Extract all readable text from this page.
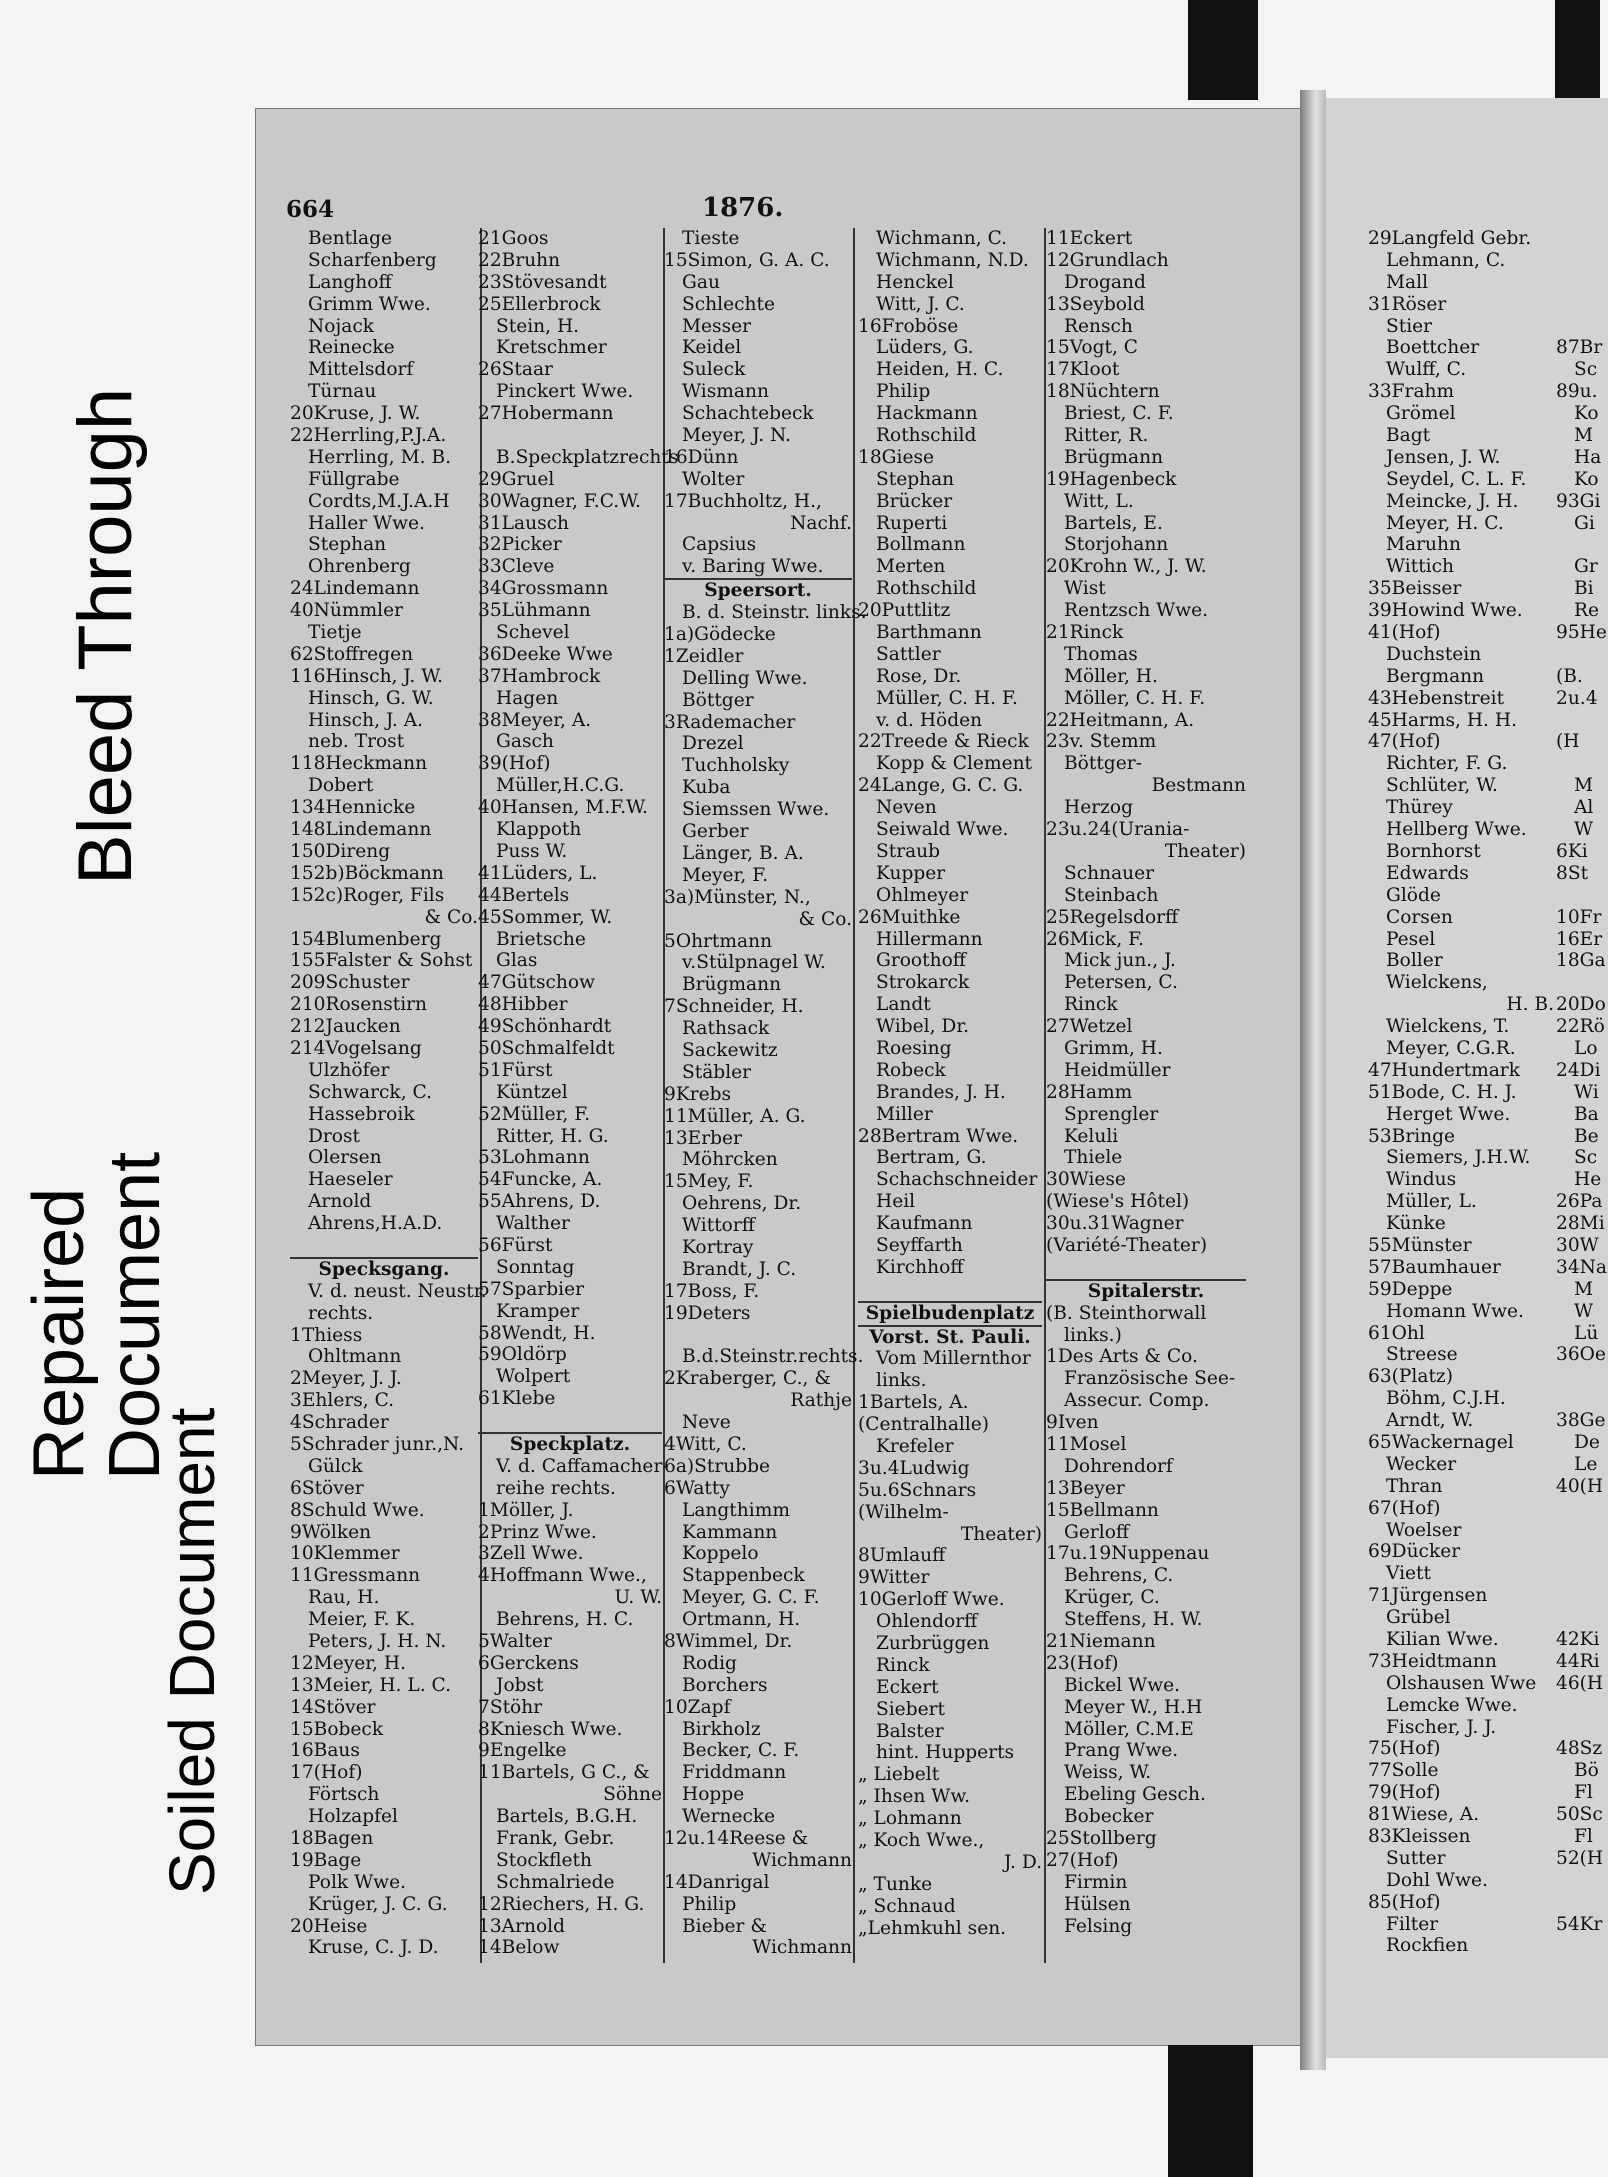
Bleed Through
Repaired
Document
Soiled Document
664	1876.
Bentlage
Scharfenberg
Langhoff
Grimm Wwe.
Nojack
Reinecke
Mittelsdorf
Türnau
20Kruse, J. W.
22Herrling,P.J.A.
Herrling, M. B.
Füllgrabe
Cordts,M.J.A.H
Haller Wwe.
Stephan
Ohrenberg
24Lindemann
40Nümmler
Tietje
62Stoffregen
116Hinsch, J. W.
Hinsch, G. W.
Hinsch, J. A.
neb. Trost
118Heckmann
Dobert
134Hennicke
148Lindemann
150Direng
152b)Böckmann
152c)Roger, Fils
& Co.
154Blumenberg
155Falster & Sohst
209Schuster
210Rosenstirn
212Jaucken
214Vogelsang
Ulzhöfer
Schwarck, C.
Hassebroik
Drost
Olersen
Haeseler
Arnold
Ahrens,H.A.D.
Specksgang.
V. d. neust. Neustr.
rechts.
1Thiess
Ohltmann
2Meyer, J. J.
3Ehlers, C.
4Schrader
5Schrader junr.,N.
Gülck
6Stöver
8Schuld Wwe.
9Wölken
10Klemmer
11Gressmann
Rau, H.
Meier, F. K.
Peters, J. H. N.
12Meyer, H.
13Meier, H. L. C.
14Stöver
15Bobeck
16Baus
17(Hof)
Förtsch
Holzapfel
18Bagen
19Bage
Polk Wwe.
Krüger, J. C. G.
20Heise
Kruse, C. J. D.
21Goos
22Bruhn
23Stövesandt
25Ellerbrock
Stein, H.
Kretschmer
26Staar
Pinckert Wwe.
27Hobermann
B.Speckplatzrechts
29Gruel
30Wagner, F.C.W.
31Lausch
32Picker
33Cleve
34Grossmann
35Lühmann
Schevel
36Deeke Wwe
37Hambrock
Hagen
38Meyer, A.
Gasch
39(Hof)
Müller,H.C.G.
40Hansen, M.F.W.
Klappoth
Puss W.
41Lüders, L.
44Bertels
45Sommer, W.
Brietsche
Glas
47Gütschow
48Hibber
49Schönhardt
50Schmalfeldt
51Fürst
Küntzel
52Müller, F.
Ritter, H. G.
53Lohmann
54Funcke, A.
55Ahrens, D.
Walther
56Fürst
Sonntag
57Sparbier
Kramper
58Wendt, H.
59Oldörp
Wolpert
61Klebe
Speckplatz.
V. d. Caffamacher-
reihe rechts.
1Möller, J.
2Prinz Wwe.
3Zell Wwe.
4Hoffmann Wwe.,
U. W.
Behrens, H. C.
5Walter
6Gerckens
Jobst
7Stöhr
8Kniesch Wwe.
9Engelke
11Bartels, G C., &
Söhne
Bartels, B.G.H.
Frank, Gebr.
Stockfleth
Schmalriede
12Riechers, H. G.
13Arnold
14Below
Tieste
15Simon, G. A. C.
Gau
Schlechte
Messer
Keidel
Suleck
Wismann
Schachtebeck
Meyer, J. N.
16Dünn
Wolter
17Buchholtz, H.,
Nachf.
Capsius
v. Baring Wwe.
Speersort.
B. d. Steinstr. links.
1a)Gödecke
1Zeidler
Delling Wwe.
Böttger
3Rademacher
Drezel
Tuchholsky
Kuba
Siemssen Wwe.
Gerber
Länger, B. A.
Meyer, F.
3a)Münster, N.,
& Co.
5Ohrtmann
v.Stülpnagel W.
Brügmann
7Schneider, H.
Rathsack
Sackewitz
Stäbler
9Krebs
11Müller, A. G.
13Erber
Möhrcken
15Mey, F.
Oehrens, Dr.
Wittorff
Kortray
Brandt, J. C.
17Boss, F.
19Deters
B.d.Steinstr.rechts.
2Kraberger, C., &
Rathje
Neve
4Witt, C.
6a)Strubbe
6Watty
Langthimm
Kammann
Koppelo
Stappenbeck
Meyer, G. C. F.
Ortmann, H.
8Wimmel, Dr.
Rodig
Borchers
10Zapf
Birkholz
Becker, C. F.
Friddmann
Hoppe
Wernecke
12u.14Reese &
Wichmann
14Danrigal
Philip
Bieber &
Wichmann
Wichmann, C.
Wichmann, N.D.
Henckel
Witt, J. C.
16Froböse
Lüders, G.
Heiden, H. C.
Philip
Hackmann
Rothschild
18Giese
Stephan
Brücker
Ruperti
Bollmann
Merten
Rothschild
20Puttlitz
Barthmann
Sattler
Rose, Dr.
Müller, C. H. F.
v. d. Höden
22Treede & Rieck
Kopp & Clement
24Lange, G. C. G.
Neven
Seiwald Wwe.
Straub
Kupper
Ohlmeyer
26Muithke
Hillermann
Groothoff
Strokarck
Landt
Wibel, Dr.
Roesing
Robeck
Brandes, J. H.
Miller
28Bertram Wwe.
Bertram, G.
Schachschneider
Heil
Kaufmann
Seyffarth
Kirchhoff
Spielbudenplatz
Vorst. St. Pauli.
Vom Millernthor
links.
1Bartels, A.
(Centralhalle)
Krefeler
3u.4Ludwig
5u.6Schnars
(Wilhelm-
Theater)
8Umlauff
9Witter
10Gerloff Wwe.
Ohlendorff
Zurbrüggen
Rinck
Eckert
Siebert
Balster
hint. Hupperts
„ Liebelt
„ Ihsen Ww.
„ Lohmann
„ Koch Wwe.,
J. D.
„ Tunke
„ Schnaud
„Lehmkuhl sen.
11Eckert
12Grundlach
Drogand
13Seybold
Rensch
15Vogt, C
17Kloot
18Nüchtern
Briest, C. F.
Ritter, R.
Brügmann
19Hagenbeck
Witt, L.
Bartels, E.
Storjohann
20Krohn W., J. W.
Wist
Rentzsch Wwe.
21Rinck
Thomas
Möller, H.
Möller, C. H. F.
22Heitmann, A.
23v. Stemm
Böttger-
Bestmann
Herzog
23u.24(Urania-
Theater)
Schnauer
Steinbach
25Regelsdorff
26Mick, F.
Mick jun., J.
Petersen, C.
Rinck
27Wetzel
Grimm, H.
Heidmüller
28Hamm
Sprengler
Keluli
Thiele
30Wiese
(Wiese's Hôtel)
30u.31Wagner
(Variété-Theater)
Spitalerstr.
(B. Steinthorwall
links.)
1Des Arts & Co.
Französische See-
Assecur. Comp.
9Iven
11Mosel
Dohrendorf
13Beyer
15Bellmann
Gerloff
17u.19Nuppenau
Behrens, C.
Krüger, C.
Steffens, H. W.
21Niemann
23(Hof)
Bickel Wwe.
Meyer W., H.H
Möller, C.M.E
Prang Wwe.
Weiss, W.
Ebeling Gesch.
Bobecker
25Stollberg
27(Hof)
Firmin
Hülsen
Felsing
29Langfeld Gebr.
Lehmann, C.
Mall
31Röser
Stier
Boettcher
Wulff, C.
33Frahm
Grömel
Bagt
Jensen, J. W.
Seydel, C. L. F.
Meincke, J. H.
Meyer, H. C.
Maruhn
Wittich
35Beisser
39Howind Wwe.
41(Hof)
Duchstein
Bergmann
43Hebenstreit
45Harms, H. H.
47(Hof)
Richter, F. G.
Schlüter, W.
Thürey
Hellberg Wwe.
Bornhorst
Edwards
Glöde
Corsen
Pesel
Boller
Wielckens,
H. B.
Wielckens, T.
Meyer, C.G.R.
47Hundertmark
51Bode, C. H. J.
Herget Wwe.
53Bringe
Siemers, J.H.W.
Windus
Müller, L.
Künke
55Münster
57Baumhauer
59Deppe
Homann Wwe.
61Ohl
Streese
63(Platz)
Böhm, C.J.H.
Arndt, W.
65Wackernagel
Wecker
Thran
67(Hof)
Woelser
69Dücker
Viett
71Jürgensen
Grübel
Kilian Wwe.
73Heidtmann
Olshausen Wwe
Lemcke Wwe.
Fischer, J. J.
75(Hof)
77Solle
79(Hof)
81Wiese, A.
83Kleissen
Sutter
Dohl Wwe.
85(Hof)
Filter
Rockfien
87Br
Sc
89u.
Ko
M
Ha
Ko
93Gi
Gi
Gr
Bi
Re
95He
(B.
2u.4
(H
M
Al
W
6Ki
8St
10Fr
16Er
18Ga
20Do
22Rö
Lo
24Di
Wi
Ba
Be
Sc
He
26Pa
28Mi
30W
34Na
M
W
Lü
36Oe
38Ge
De
Le
40(H
42Ki
44Ri
46(H
48Sz
Bö
Fl
50Sc
Fl
52(H
54Kr
